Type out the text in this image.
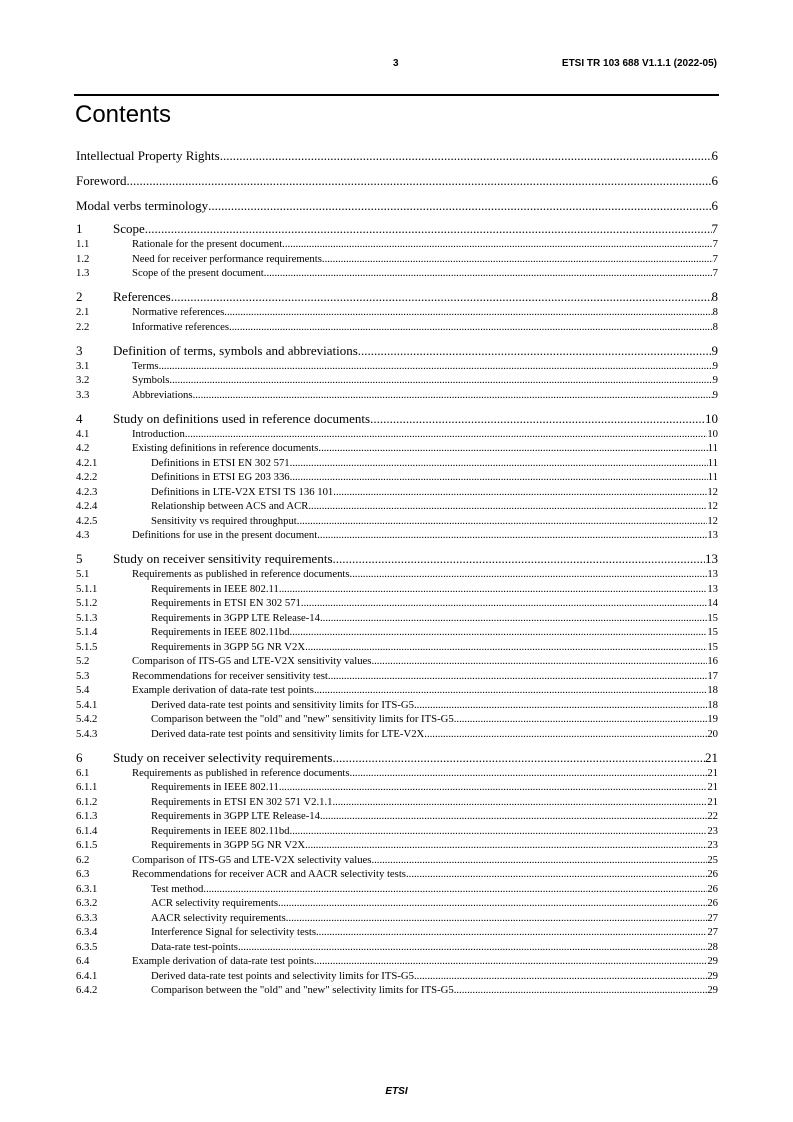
3	ETSI TR 103 688 V1.1.1 (2022-05)
Contents
Intellectual Property Rights .....	6
Foreword .....	6
Modal verbs terminology .....	6
1	Scope .....	7
1.1	Rationale for the present document .....	7
1.2	Need for receiver performance requirements .....	7
1.3	Scope of the present document .....	7
2	References .....	8
2.1	Normative references .....	8
2.2	Informative references .....	8
3	Definition of terms, symbols and abbreviations .....	9
3.1	Terms .....	9
3.2	Symbols .....	9
3.3	Abbreviations .....	9
4	Study on definitions used in reference documents .....	10
4.1	Introduction .....	10
4.2	Existing definitions in reference documents .....	11
4.2.1	Definitions in ETSI EN 302 571 .....	11
4.2.2	Definitions in ETSI EG 203 336 .....	11
4.2.3	Definitions in LTE-V2X ETSI TS 136 101 .....	12
4.2.4	Relationship between ACS and ACR .....	12
4.2.5	Sensitivity vs required throughput .....	12
4.3	Definitions for use in the present document .....	13
5	Study on receiver sensitivity requirements .....	13
5.1	Requirements as published in reference documents .....	13
5.1.1	Requirements in IEEE 802.11 .....	13
5.1.2	Requirements in ETSI EN 302 571 .....	14
5.1.3	Requirements in 3GPP LTE Release-14 .....	15
5.1.4	Requirements in IEEE 802.11bd .....	15
5.1.5	Requirements in 3GPP 5G NR V2X .....	15
5.2	Comparison of ITS-G5 and LTE-V2X sensitivity values .....	16
5.3	Recommendations for receiver sensitivity test .....	17
5.4	Example derivation of data-rate test points .....	18
5.4.1	Derived data-rate test points and sensitivity limits for ITS-G5 .....	18
5.4.2	Comparison between the "old" and "new" sensitivity limits for ITS-G5 .....	19
5.4.3	Derived data-rate test points and sensitivity limits for LTE-V2X .....	20
6	Study on receiver selectivity requirements .....	21
6.1	Requirements as published in reference documents .....	21
6.1.1	Requirements in IEEE 802.11 .....	21
6.1.2	Requirements in ETSI EN 302 571 V2.1.1 .....	21
6.1.3	Requirements in 3GPP LTE Release-14 .....	22
6.1.4	Requirements in IEEE 802.11bd .....	23
6.1.5	Requirements in 3GPP 5G NR V2X .....	23
6.2	Comparison of ITS-G5 and LTE-V2X selectivity values .....	25
6.3	Recommendations for receiver ACR and AACR selectivity tests .....	26
6.3.1	Test method .....	26
6.3.2	ACR selectivity requirements .....	26
6.3.3	AACR selectivity requirements .....	27
6.3.4	Interference Signal for selectivity tests .....	27
6.3.5	Data-rate test-points .....	28
6.4	Example derivation of data-rate test points .....	29
6.4.1	Derived data-rate test points and selectivity limits for ITS-G5 .....	29
6.4.2	Comparison between the "old" and "new" selectivity limits for ITS-G5 .....	29
ETSI
